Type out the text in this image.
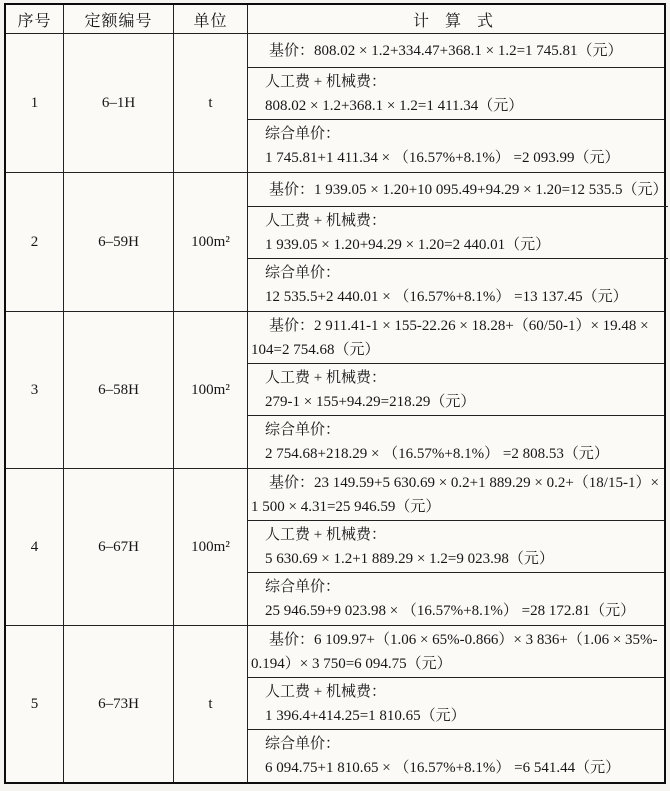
序号	定额编号	单位	计 算 式
1	6–1H	t
基价：808.02 × 1.2+334.47+368.1 × 1.2=1 745.81（元）
人工费 + 机械费：
808.02 × 1.2+368.1 × 1.2=1 411.34（元）
综合单价：
1 745.81+1 411.34 × （16.57%+8.1%） =2 093.99（元）
2	6–59H	100m²
基价：1 939.05 × 1.20+10 095.49+94.29 × 1.20=12 535.5（元）
人工费 + 机械费：
1 939.05 × 1.20+94.29 × 1.20=2 440.01（元）
综合单价：
12 535.5+2 440.01 × （16.57%+8.1%） =13 137.45（元）
3	6–58H	100m²
基价：2 911.41-1 × 155-22.26 × 18.28+（60/50-1）× 19.48 ×
104=2 754.68（元）
人工费 + 机械费：
279-1 × 155+94.29=218.29（元）
综合单价：
2 754.68+218.29 × （16.57%+8.1%） =2 808.53（元）
4	6–67H	100m²
基价：23 149.59+5 630.69 × 0.2+1 889.29 × 0.2+（18/15-1）×
1 500 × 4.31=25 946.59（元）
人工费 + 机械费：
5 630.69 × 1.2+1 889.29 × 1.2=9 023.98（元）
综合单价：
25 946.59+9 023.98 × （16.57%+8.1%） =28 172.81（元）
5	6–73H	t
基价：6 109.97+（1.06 × 65%-0.866）× 3 836+（1.06 × 35%-
0.194）× 3 750=6 094.75（元）
人工费 + 机械费：
1 396.4+414.25=1 810.65（元）
综合单价：
6 094.75+1 810.65 × （16.57%+8.1%） =6 541.44（元）
